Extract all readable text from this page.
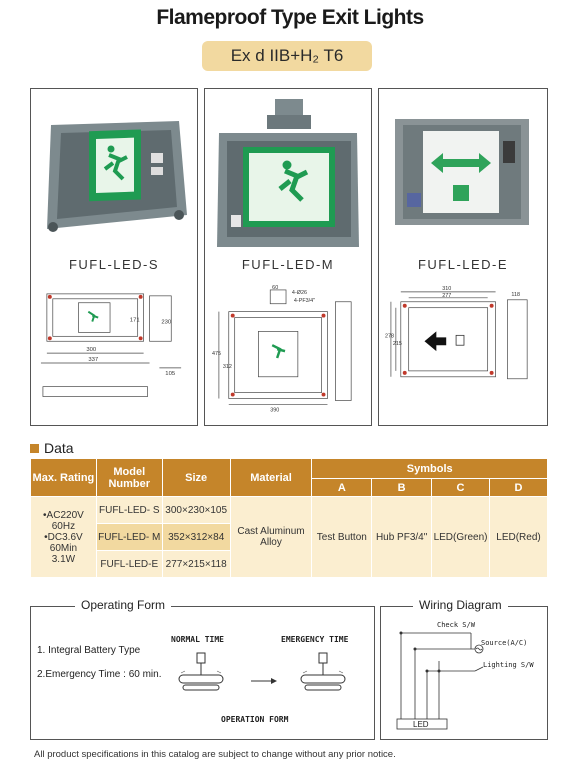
Flameproof Type Exit Lights
Ex d IIB+H₂ T6
FUFL-LED-S
300
337
230
171
105
FUFL-LED-M
60
4-Ø26
4-PF3/4"
390
475
312
FUFL-LED-E
310
277
278
215
118
Data
Max. Rating	Model Number	Size	Material	Symbols			
				A	B	C	D

•AC220V
60Hz
•DC3.6V
60Min
3.1W	FUFL-LED- S	300×230×105	Cast Aluminum Alloy	Test Button	Hub PF3/4"	LED(Green)	LED(Red)
	FUFL-LED- M	352×312×84					
	FUFL-LED-E	277×215×118					
Operating Form
1. Integral Battery Type
2.Emergency Time : 60 min.
NORMAL TIME	EMERGENCY TIME
OPERATION FORM
Wiring Diagram
Check S/W
Source(A/C)
Lighting S/W
LED
All product specifications in this catalog are subject to change without any prior notice.
